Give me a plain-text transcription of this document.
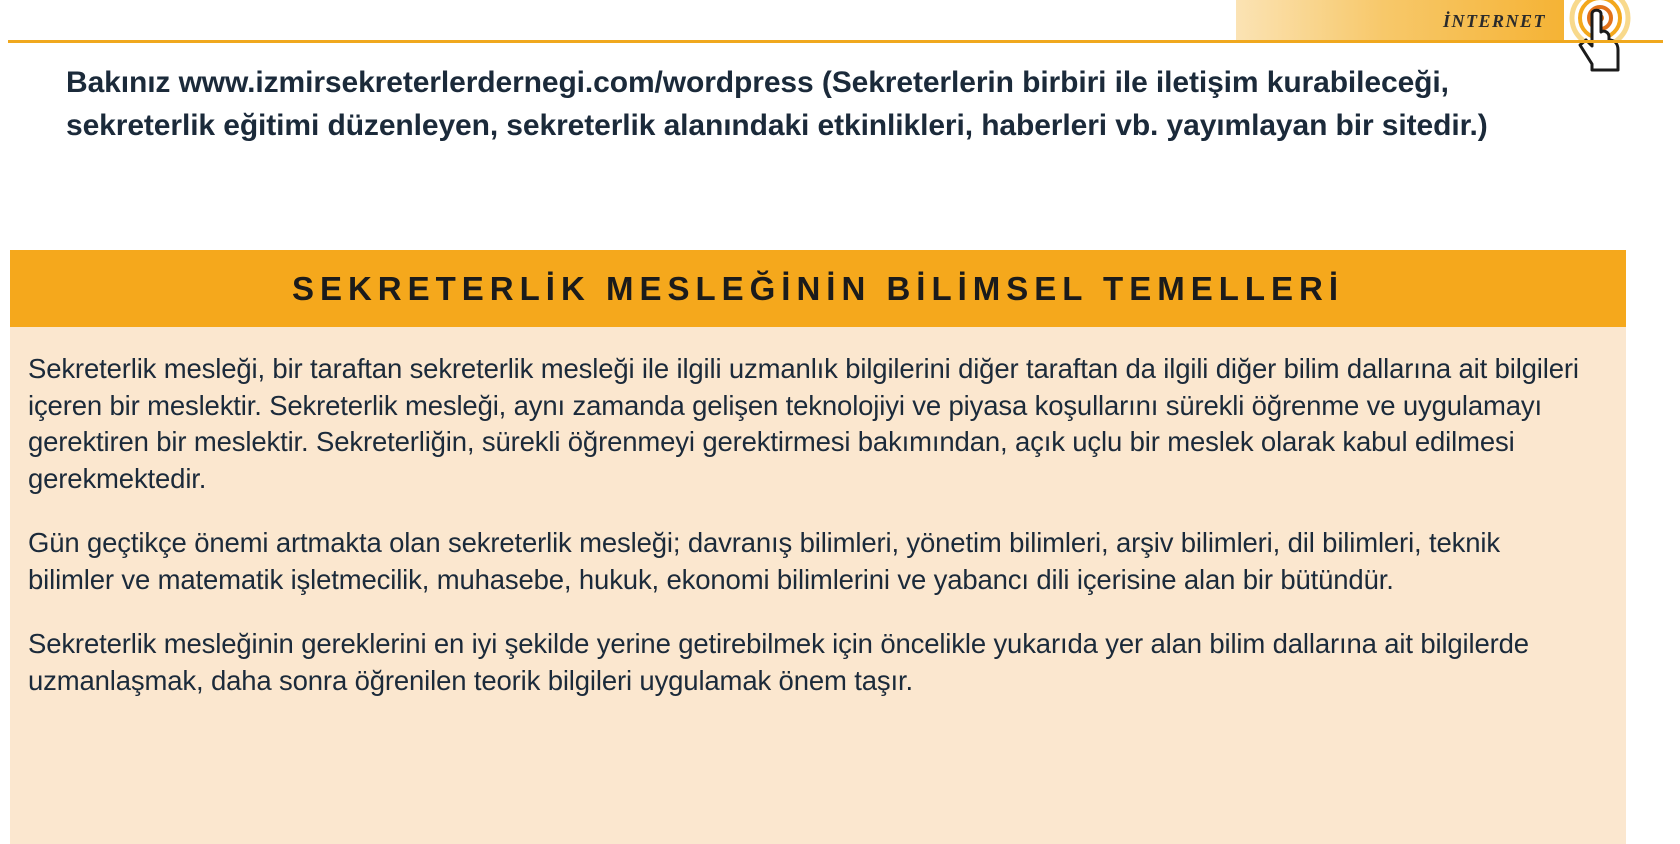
İNTERNET
Bakınız www.izmirsekreterlerdernegi.com/wordpress (Sekreterlerin birbiri ile iletişim kurabileceği, sekreterlik eğitimi düzenleyen, sekreterlik alanındaki etkinlikleri, haberleri vb. yayımlayan bir sitedir.)
SEKRETERLİK MESLEĞİNİN BİLİMSEL TEMELLERİ

Sekreterlik mesleği, bir taraftan sekreterlik mesleği ile ilgili uzmanlık bilgilerini diğer taraftan da ilgili diğer bilim dallarına ait bilgileri içeren bir meslektir. Sekreterlik mesleği, aynı zamanda gelişen teknolojiyi ve piyasa koşullarını sürekli öğrenme ve uygulamayı gerektiren bir meslektir. Sekreterliğin, sürekli öğrenmeyi gerektirmesi bakımından, açık uçlu bir meslek olarak kabul edilmesi gerekmektedir.

Gün geçtikçe önemi artmakta olan sekreterlik mesleği; davranış bilimleri, yönetim bilimleri, arşiv bilimleri, dil bilimleri, teknik bilimler ve matematik işletmecilik, muhasebe, hukuk, ekonomi bilimlerini ve yabancı dili içerisine alan bir bütündür.

Sekreterlik mesleğinin gereklerini en iyi şekilde yerine getirebilmek için öncelikle yukarıda yer alan bilim dallarına ait bilgilerde uzmanlaşmak, daha sonra öğrenilen teorik bilgileri uygulamak önem taşır.
